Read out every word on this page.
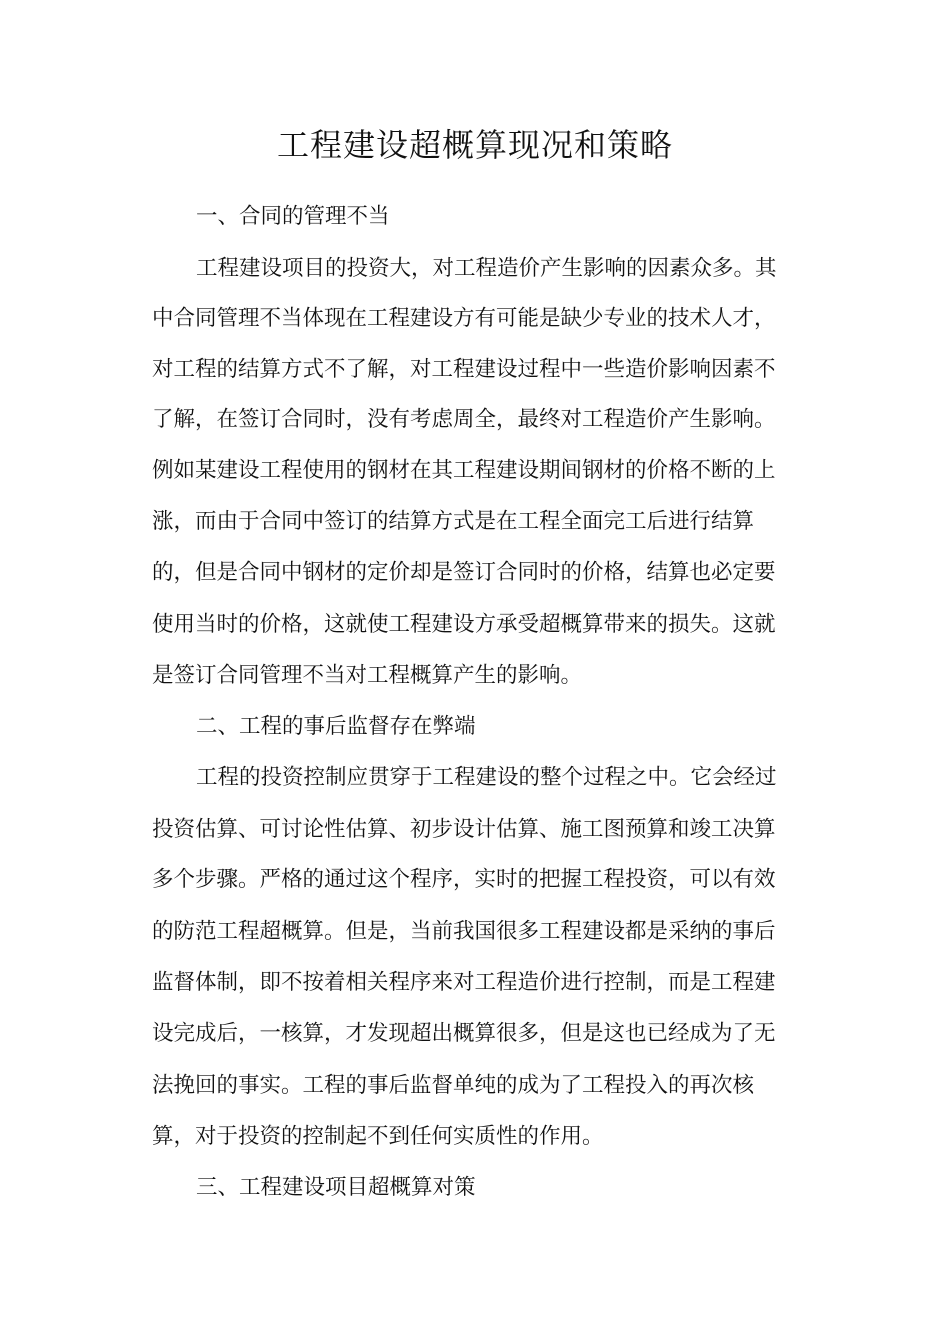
工程建设超概算现况和策略

一、合同的管理不当

工程建设项目的投资大，对工程造价产生影响的因素众多。其

中合同管理不当体现在工程建设方有可能是缺少专业的技术人才，

对工程的结算方式不了解，对工程建设过程中一些造价影响因素不

了解，在签订合同时，没有考虑周全，最终对工程造价产生影响。

例如某建设工程使用的钢材在其工程建设期间钢材的价格不断的上

涨，而由于合同中签订的结算方式是在工程全面完工后进行结算

的，但是合同中钢材的定价却是签订合同时的价格，结算也必定要

使用当时的价格，这就使工程建设方承受超概算带来的损失。这就

是签订合同管理不当对工程概算产生的影响。

二、工程的事后监督存在弊端

工程的投资控制应贯穿于工程建设的整个过程之中。它会经过

投资估算、可讨论性估算、初步设计估算、施工图预算和竣工决算

多个步骤。严格的通过这个程序，实时的把握工程投资，可以有效

的防范工程超概算。但是，当前我国很多工程建设都是采纳的事后

监督体制，即不按着相关程序来对工程造价进行控制，而是工程建

设完成后，一核算，才发现超出概算很多，但是这也已经成为了无

法挽回的事实。工程的事后监督单纯的成为了工程投入的再次核

算，对于投资的控制起不到任何实质性的作用。

三、工程建设项目超概算对策
